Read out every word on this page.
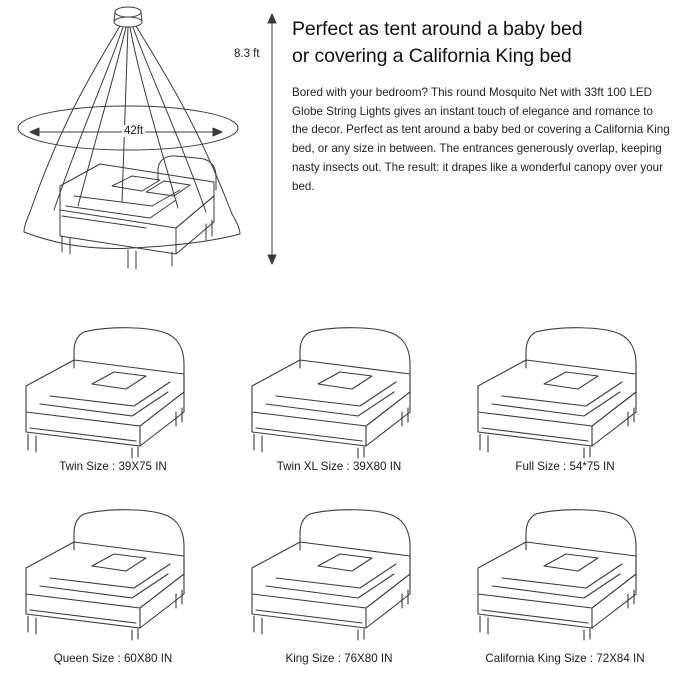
8.3 ft
42ft
Perfect as tent around a baby bed
or covering a California King bed
Bored with your bedroom? This round Mosquito Net with 33ft 100 LED Globe String Lights gives an instant touch of elegance and romance to the decor. Perfect as tent around a baby bed or covering a California King bed, or any size in between. The entrances generously overlap, keeping nasty insects out. The result: it drapes like a wonderful canopy over your bed.
Twin Size : 39X75 IN	Twin XL Size : 39X80 IN	Full Size : 54*75 IN
Queen Size : 60X80 IN	King Size : 76X80 IN	California King Size : 72X84 IN
